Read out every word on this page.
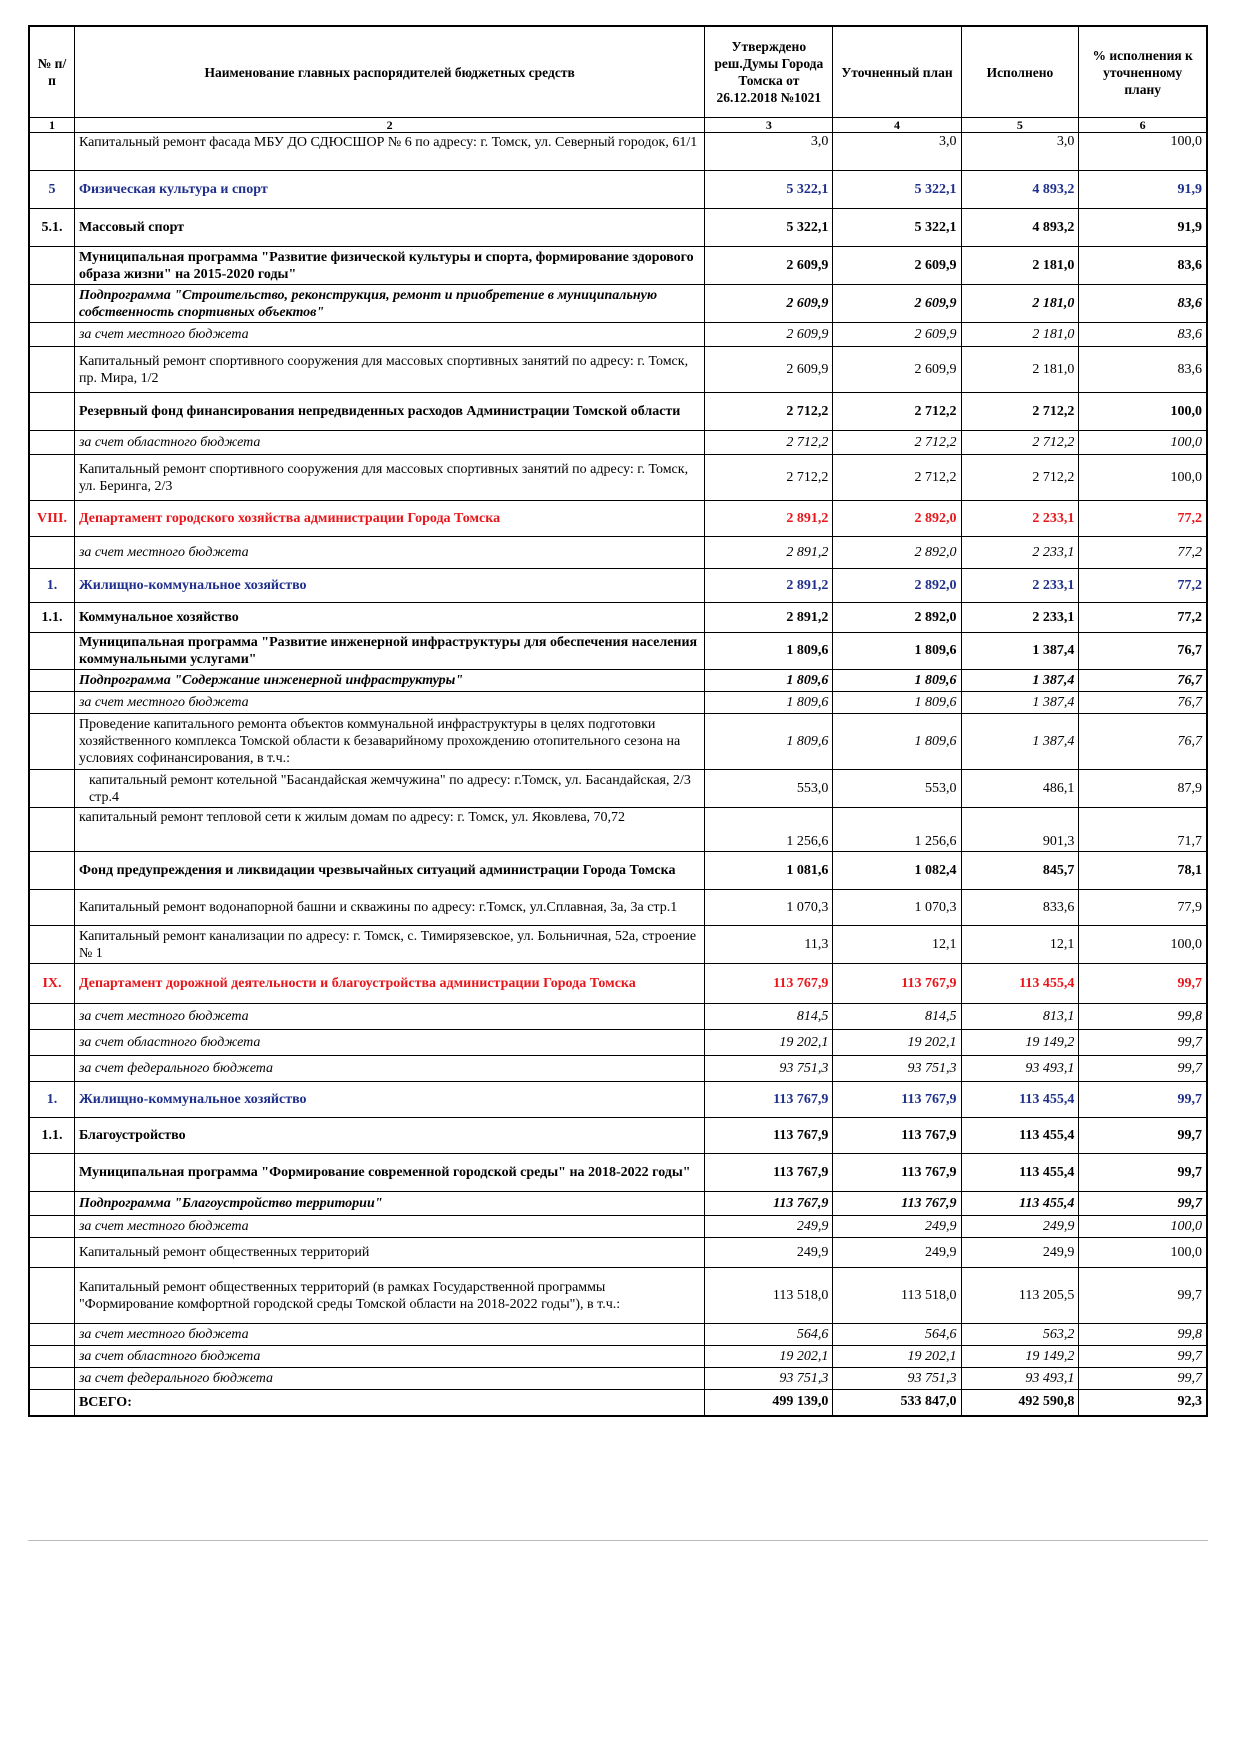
№ п/п	Наименование главных распорядителей бюджетных средств	Утверждено реш.Думы Города Томска от 26.12.2018 №1021	Уточненный план	Исполнено	% исполнения к уточненному плану
1	2	3	4	5	6
	Капитальный ремонт фасада МБУ ДО СДЮСШОР № 6 по адресу: г. Томск, ул. Северный городок, 61/1	3,0	3,0	3,0	100,0
5	Физическая культура и спорт	5 322,1	5 322,1	4 893,2	91,9
5.1.	Массовый спорт	5 322,1	5 322,1	4 893,2	91,9
	Муниципальная программа "Развитие физической культуры и спорта, формирование здорового образа жизни" на 2015-2020 годы"	2 609,9	2 609,9	2 181,0	83,6
	Подпрограмма "Строительство, реконструкция, ремонт и приобретение в муниципальную собственность спортивных объектов"	2 609,9	2 609,9	2 181,0	83,6
	за счет местного бюджета	2 609,9	2 609,9	2 181,0	83,6
	Капитальный ремонт спортивного сооружения для массовых спортивных занятий по адресу: г. Томск, пр. Мира, 1/2	2 609,9	2 609,9	2 181,0	83,6
	Резервный фонд финансирования непредвиденных расходов Администрации Томской области	2 712,2	2 712,2	2 712,2	100,0
	за счет областного бюджета	2 712,2	2 712,2	2 712,2	100,0
	Капитальный ремонт спортивного сооружения для массовых спортивных занятий по адресу: г. Томск, ул. Беринга, 2/3	2 712,2	2 712,2	2 712,2	100,0
VIII.	Департамент городского хозяйства администрации Города Томска	2 891,2	2 892,0	2 233,1	77,2
	за счет местного бюджета	2 891,2	2 892,0	2 233,1	77,2
1.	Жилищно-коммунальное хозяйство	2 891,2	2 892,0	2 233,1	77,2
1.1.	Коммунальное хозяйство	2 891,2	2 892,0	2 233,1	77,2
	Муниципальная программа "Развитие инженерной инфраструктуры для обеспечения населения коммунальными услугами"	1 809,6	1 809,6	1 387,4	76,7
	Подпрограмма "Содержание инженерной инфраструктуры"	1 809,6	1 809,6	1 387,4	76,7
	за счет местного бюджета	1 809,6	1 809,6	1 387,4	76,7
	Проведение капитального ремонта объектов коммунальной инфраструктуры в целях подготовки хозяйственного комплекса Томской области к безаварийному прохождению отопительного сезона на условиях софинансирования, в т.ч.:	1 809,6	1 809,6	1 387,4	76,7
	капитальный ремонт котельной "Басандайская жемчужина" по адресу: г.Томск, ул. Басандайская, 2/3 стр.4	553,0	553,0	486,1	87,9
	капитальный ремонт тепловой сети к жилым домам по адресу: г. Томск, ул. Яковлева, 70,72	1 256,6	1 256,6	901,3	71,7
	Фонд предупреждения и ликвидации чрезвычайных ситуаций администрации Города Томска	1 081,6	1 082,4	845,7	78,1
	Капитальный ремонт водонапорной башни и скважины по адресу: г.Томск, ул.Сплавная, 3а, 3а стр.1	1 070,3	1 070,3	833,6	77,9
	Капитальный ремонт канализации по адресу: г. Томск, с. Тимирязевское, ул. Больничная, 52а, строение № 1	11,3	12,1	12,1	100,0
IX.	Департамент дорожной деятельности и благоустройства администрации Города Томска	113 767,9	113 767,9	113 455,4	99,7
	за счет местного бюджета	814,5	814,5	813,1	99,8
	за счет областного бюджета	19 202,1	19 202,1	19 149,2	99,7
	за счет федерального бюджета	93 751,3	93 751,3	93 493,1	99,7
1.	Жилищно-коммунальное хозяйство	113 767,9	113 767,9	113 455,4	99,7
1.1.	Благоустройство	113 767,9	113 767,9	113 455,4	99,7
	Муниципальная программа "Формирование современной городской среды" на 2018-2022 годы"	113 767,9	113 767,9	113 455,4	99,7
	Подпрограмма "Благоустройство территории"	113 767,9	113 767,9	113 455,4	99,7
	за счет местного бюджета	249,9	249,9	249,9	100,0
	Капитальный ремонт общественных территорий	249,9	249,9	249,9	100,0
	Капитальный ремонт общественных территорий (в рамках Государственной программы "Формирование комфортной городской среды Томской области на 2018-2022 годы"), в т.ч.:	113 518,0	113 518,0	113 205,5	99,7
	за счет местного бюджета	564,6	564,6	563,2	99,8
	за счет областного бюджета	19 202,1	19 202,1	19 149,2	99,7
	за счет федерального бюджета	93 751,3	93 751,3	93 493,1	99,7
	ВСЕГО:	499 139,0	533 847,0	492 590,8	92,3
